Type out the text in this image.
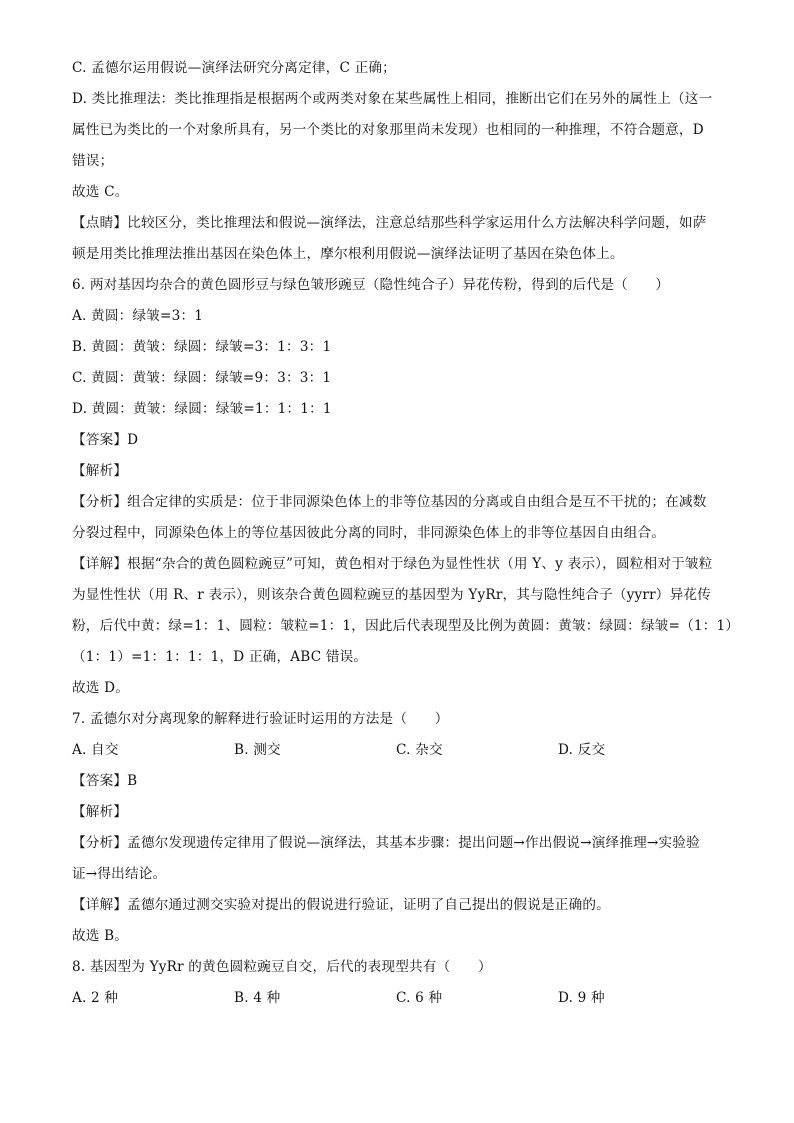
C. 孟德尔运用假说—演绎法研究分离定律，C 正确；
D. 类比推理法：类比推理指是根据两个或两类对象在某些属性上相同，推断出它们在另外的属性上（这一
属性已为类比的一个对象所具有，另一个类比的对象那里尚未发现）也相同的一种推理，不符合题意，D
错误；
故选 C。
【点睛】比较区分，类比推理法和假说—演绎法，注意总结那些科学家运用什么方法解决科学问题，如萨
顿是用类比推理法推出基因在染色体上，摩尔根利用假说—演绎法证明了基因在染色体上。
6. 两对基因均杂合的黄色圆形豆与绿色皱形豌豆（隐性纯合子）异花传粉，得到的后代是（　　）
A. 黄圆：绿皱=3：1
B. 黄圆：黄皱：绿圆：绿皱=3：1：3：1
C. 黄圆：黄皱：绿圆：绿皱=9：3：3：1
D. 黄圆：黄皱：绿圆：绿皱=1：1：1：1
【答案】D
【解析】
【分析】组合定律的实质是：位于非同源染色体上的非等位基因的分离或自由组合是互不干扰的；在减数
分裂过程中，同源染色体上的等位基因彼此分离的同时，非同源染色体上的非等位基因自由组合。
【详解】根据“杂合的黄色圆粒豌豆”可知，黄色相对于绿色为显性性状（用 Y、y 表示），圆粒相对于皱粒
为显性性状（用 R、r 表示），则该杂合黄色圆粒豌豆的基因型为 YyRr，其与隐性纯合子（yyrr）异花传
粉，后代中黄：绿=1：1、圆粒：皱粒=1：1，因此后代表现型及比例为黄圆：黄皱：绿圆：绿皱=（1：1）
（1：1）=1：1：1：1，D 正确，ABC 错误。
故选 D。
7. 孟德尔对分离现象的解释进行验证时运用的方法是（　　）
A. 自交	B. 测交	C. 杂交	D. 反交
【答案】B
【解析】
【分析】孟德尔发现遗传定律用了假说—演绎法，其基本步骤：提出问题→作出假说→演绎推理→实验验
证→得出结论。
【详解】孟德尔通过测交实验对提出的假说进行验证，证明了自己提出的假说是正确的。
故选 B。
8. 基因型为 YyRr 的黄色圆粒豌豆自交，后代的表现型共有（　　）
A. 2 种	B. 4 种	C. 6 种	D. 9 种
